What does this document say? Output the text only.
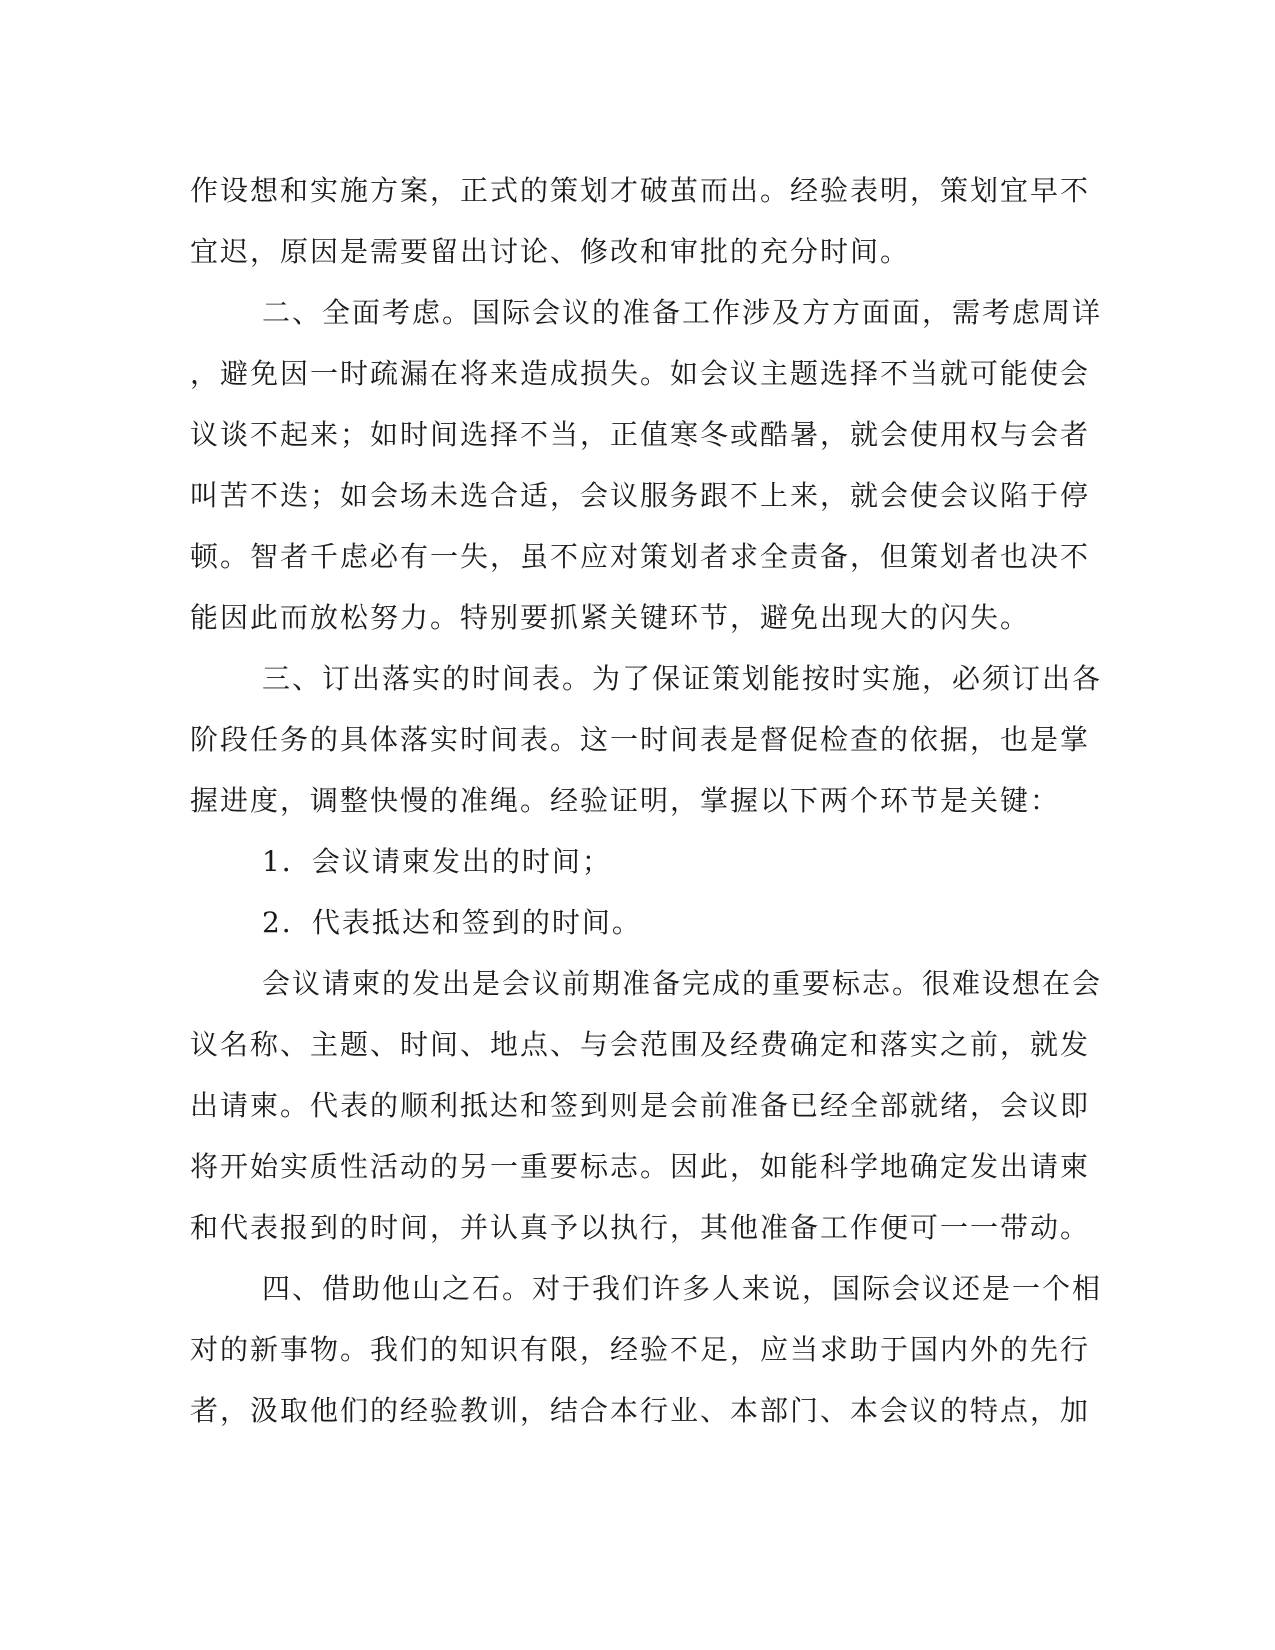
作设想和实施方案，正式的策划才破茧而出。经验表明，策划宜早不
宜迟，原因是需要留出讨论、修改和审批的充分时间。
二、全面考虑。国际会议的准备工作涉及方方面面，需考虑周详
，避免因一时疏漏在将来造成损失。如会议主题选择不当就可能使会
议谈不起来；如时间选择不当，正值寒冬或酷暑，就会使用权与会者
叫苦不迭；如会场未选合适，会议服务跟不上来，就会使会议陷于停
顿。智者千虑必有一失，虽不应对策划者求全责备，但策划者也决不
能因此而放松努力。特别要抓紧关键环节，避免出现大的闪失。
三、订出落实的时间表。为了保证策划能按时实施，必须订出各
阶段任务的具体落实时间表。这一时间表是督促检查的依据，也是掌
握进度，调整快慢的准绳。经验证明，掌握以下两个环节是关键：
1．会议请柬发出的时间；
2．代表抵达和签到的时间。
会议请柬的发出是会议前期准备完成的重要标志。很难设想在会
议名称、主题、时间、地点、与会范围及经费确定和落实之前，就发
出请柬。代表的顺利抵达和签到则是会前准备已经全部就绪，会议即
将开始实质性活动的另一重要标志。因此，如能科学地确定发出请柬
和代表报到的时间，并认真予以执行，其他准备工作便可一一带动。
四、借助他山之石。对于我们许多人来说，国际会议还是一个相
对的新事物。我们的知识有限，经验不足，应当求助于国内外的先行
者，汲取他们的经验教训，结合本行业、本部门、本会议的特点，加
